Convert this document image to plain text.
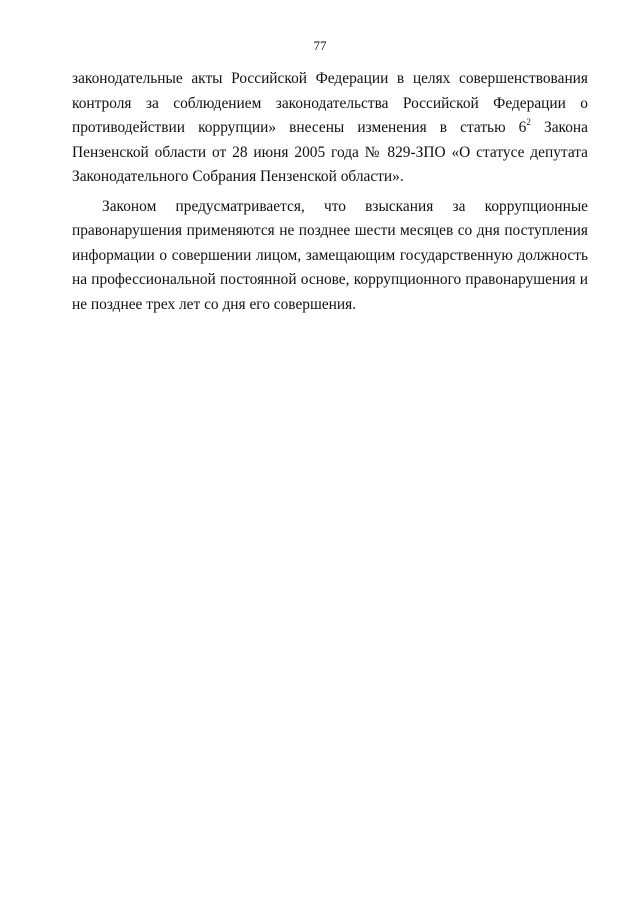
77

законодательные акты Российской Федерации в целях совершенствования
контроля за соблюдением законодательства Российской Федерации о
противодействии коррупции» внесены изменения в статью $6^2$ Закона
Пензенской области от 28 июня 2005 года № 829-ЗПО «О статусе депутата
Законодательного Собрания Пензенской области».

Законом предусматривается, что взыскания за коррупционные
правонарушения применяются не позднее шести месяцев со дня поступления
информации о совершении лицом, замещающим государственную должность
на профессиональной постоянной основе, коррупционного правонарушения и
не позднее трех лет со дня его совершения.
